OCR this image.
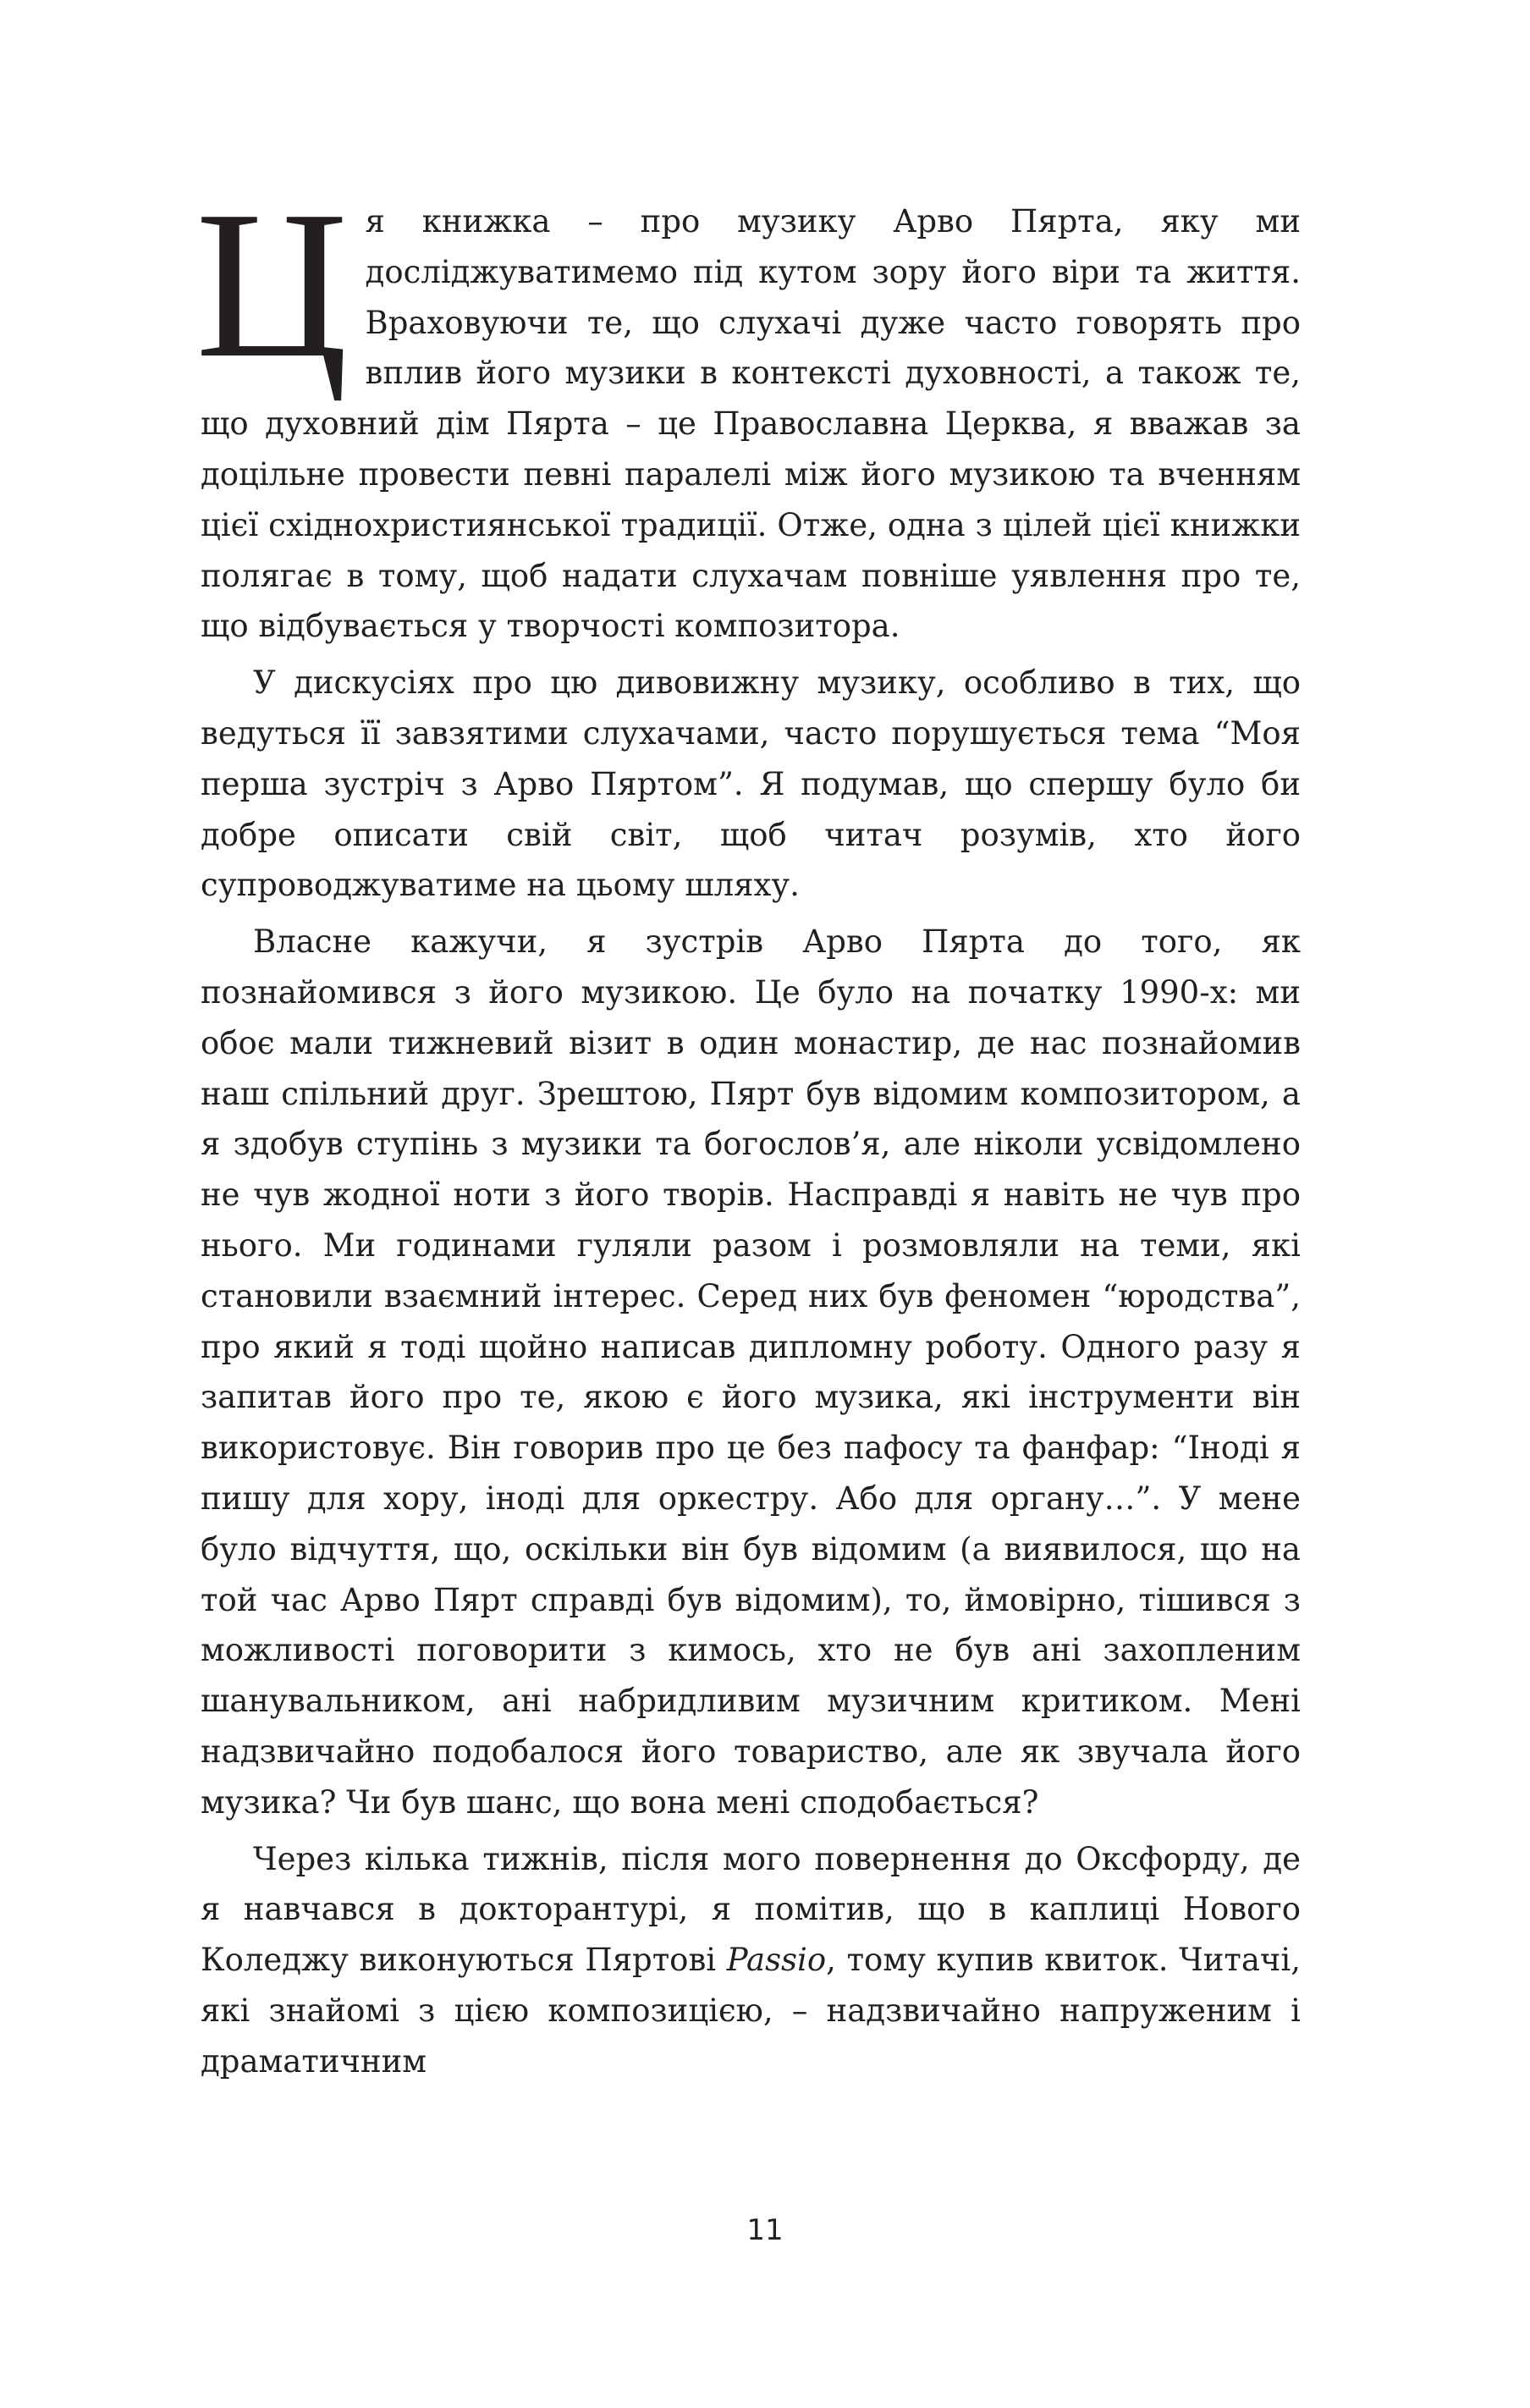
Ця книжка – про музику Арво Пярта, яку ми досліджуватимемо під кутом зору його віри та життя. Враховуючи те, що слухачі дуже часто говорять про вплив його музики в контексті духовності, а також те, що духовний дім Пярта – це Православна Церква, я вважав за доцільне провести певні паралелі між його музикою та вченням цієї східнохристиянської традиції. Отже, одна з цілей цієї книжки полягає в тому, щоб надати слухачам повніше уявлення про те, що відбувається у творчості композитора.

У дискусіях про цю дивовижну музику, особливо в тих, що ведуться її завзятими слухачами, часто порушується тема “Моя перша зустріч з Арво Пяртом”. Я подумав, що спершу було би добре описати свій світ, щоб читач розумів, хто його супроводжуватиме на цьому шляху.

Власне кажучи, я зустрів Арво Пярта до того, як познайомився з його музикою. Це було на початку 1990-х: ми обоє мали тижневий візит в один монастир, де нас познайомив наш спільний друг. Зрештою, Пярт був відомим композитором, а я здобув ступінь з музики та богослов’я, але ніколи усвідомлено не чув жодної ноти з його творів. Насправді я навіть не чув про нього. Ми годинами гуляли разом і розмовляли на теми, які становили взаємний інтерес. Серед них був феномен “юродства”, про який я тоді щойно написав дипломну роботу. Одного разу я запитав його про те, якою є його музика, які інструменти він використовує. Він говорив про це без пафосу та фанфар: “Іноді я пишу для хору, іноді для оркестру. Або для органу…”. У мене було відчуття, що, оскільки він був відомим (а виявилося, що на той час Арво Пярт справді був відомим), то, ймовірно, тішився з можливості поговорити з кимось, хто не був ані захопленим шанувальником, ані набридливим музичним критиком. Мені надзвичайно подобалося його товариство, але як звучала його музика? Чи був шанс, що вона мені сподобається?

Через кілька тижнів, після мого повернення до Оксфорду, де я навчався в докторантурі, я помітив, що в каплиці Нового Коледжу виконуються Пяртові Passio, тому купив квиток. Читачі, які знайомі з цією композицією, – надзвичайно напруженим і драматичним

11
